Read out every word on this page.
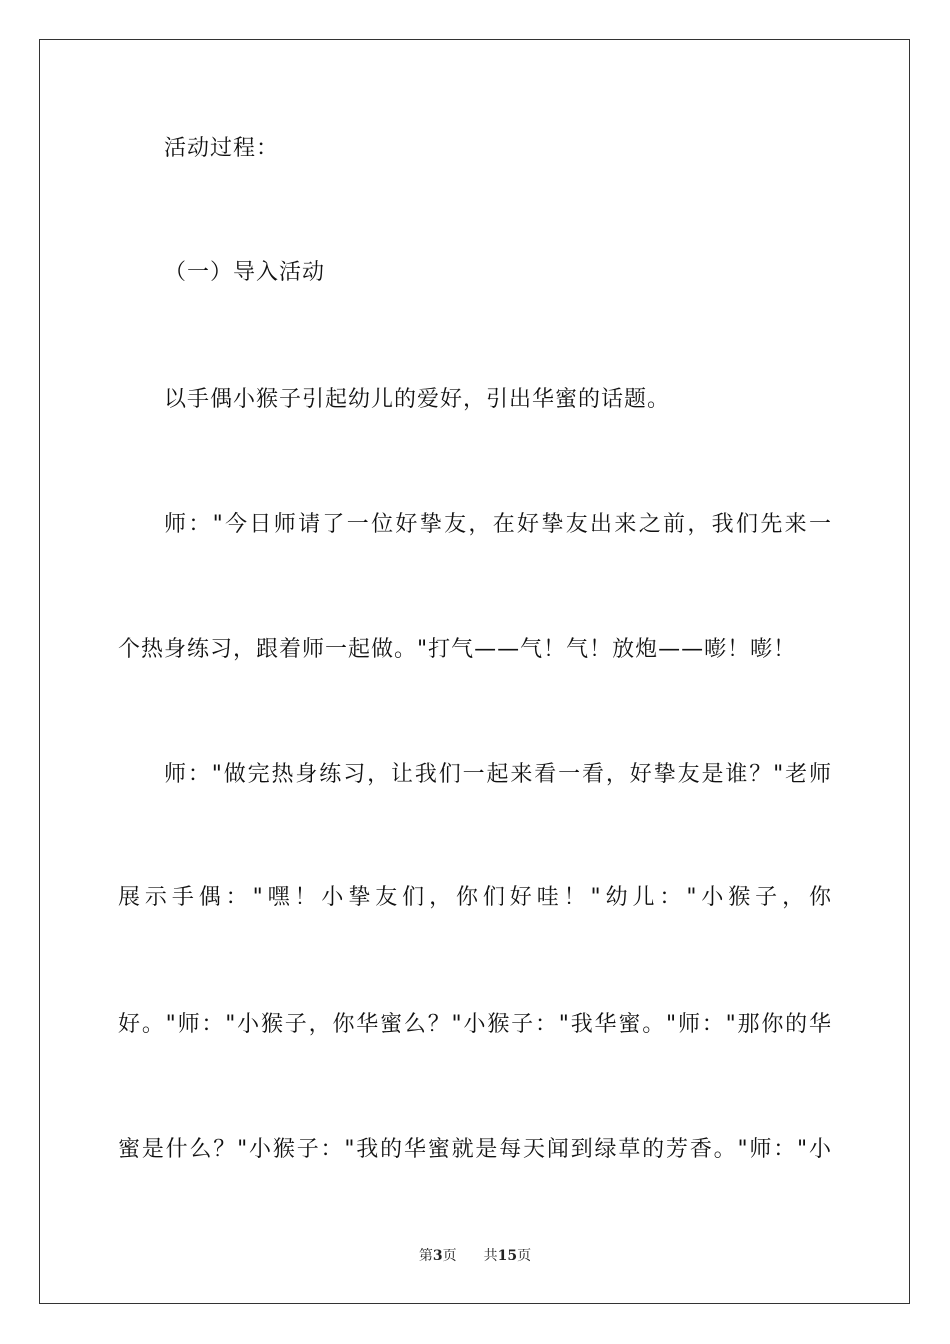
活动过程：
（一）导入活动
以手偶小猴子引起幼儿的爱好，引出华蜜的话题。
师："今日师请了一位好挚友，在好挚友出来之前，我们先来一
个热身练习，跟着师一起做。"打气——气！气！放炮——嘭！嘭！
师："做完热身练习，让我们一起来看一看，好挚友是谁？"老师
展示手偶："嘿！小挚友们，你们好哇！"幼儿："小猴子，你
好。"师："小猴子，你华蜜么？"小猴子："我华蜜。"师："那你的华
蜜是什么？"小猴子："我的华蜜就是每天闻到绿草的芳香。"师："小
第3页 共15页
